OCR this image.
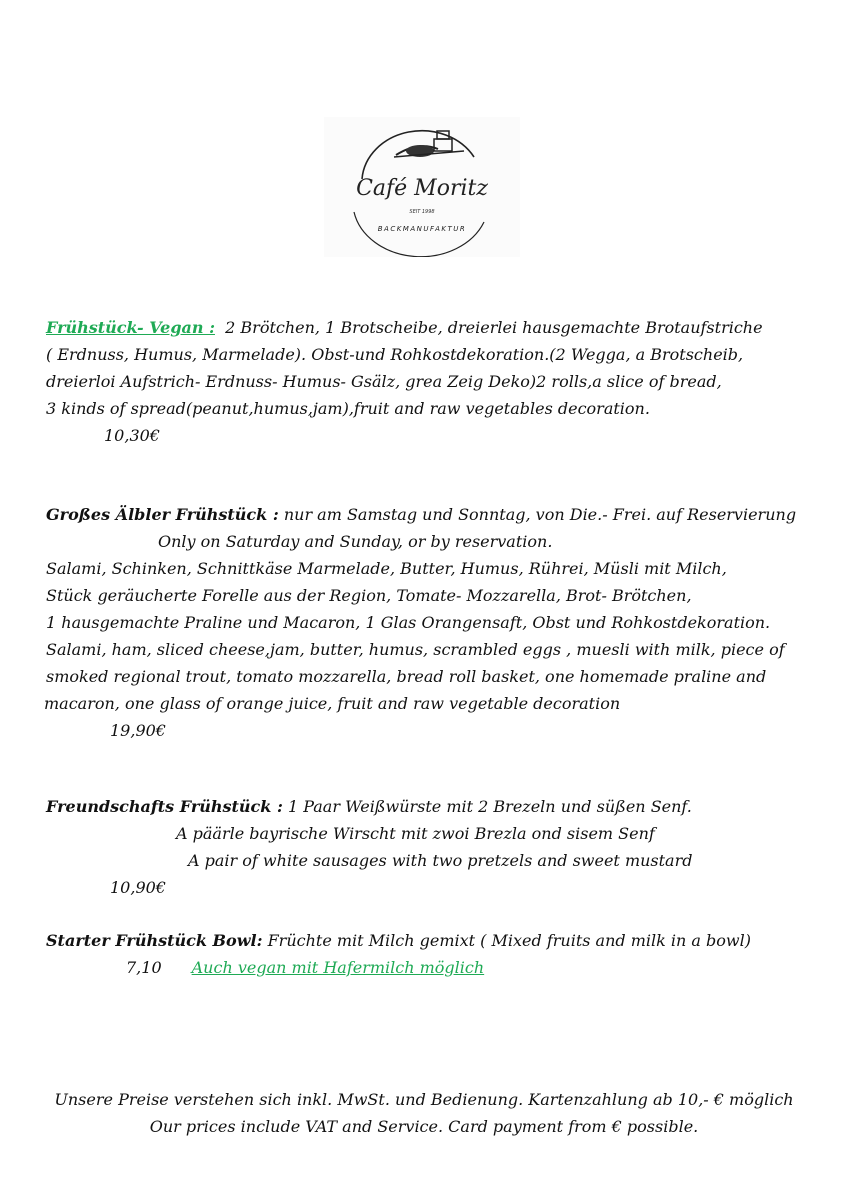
Café Moritz
SEIT 1998
BACKMANUFAKTUR
Frühstück- Vegan : 2 Brötchen, 1 Brotscheibe, dreierlei hausgemachte Brotaufstriche
( Erdnuss, Humus, Marmelade). Obst-und Rohkostdekoration.(2 Wegga, a Brotscheib,
dreierloi Aufstrich- Erdnuss- Humus- Gsälz, grea Zeig Deko)2 rolls,a slice of bread,
3 kinds of spread(peanut,humus,jam),fruit and raw vegetables decoration.
10,30€
Großes Älbler Frühstück : nur am Samstag und Sonntag, von Die.- Frei. auf Reservierung
Only on Saturday and Sunday, or by reservation.
Salami, Schinken, Schnittkäse Marmelade, Butter, Humus, Rührei, Müsli mit Milch,
Stück geräucherte Forelle aus der Region, Tomate- Mozzarella, Brot- Brötchen,
1 hausgemachte Praline und Macaron, 1 Glas Orangensaft, Obst und Rohkostdekoration.
Salami, ham, sliced cheese,jam, butter, humus, scrambled eggs , muesli with milk, piece of
smoked regional trout, tomato mozzarella, bread roll basket, one homemade praline and
macaron, one glass of orange juice, fruit and raw vegetable decoration
19,90€
Freundschafts Frühstück : 1 Paar Weißwürste mit 2 Brezeln und süßen Senf.
A päärle bayrische Wirscht mit zwoi Brezla ond sisem Senf
A pair of white sausages with two pretzels and sweet mustard
10,90€
Starter Frühstück Bowl: Früchte mit Milch gemixt ( Mixed fruits and milk in a bowl)
7,10 Auch vegan mit Hafermilch möglich
Unsere Preise verstehen sich inkl. MwSt. und Bedienung. Kartenzahlung ab 10,- € möglich
Our prices include VAT and Service. Card payment from € possible.
